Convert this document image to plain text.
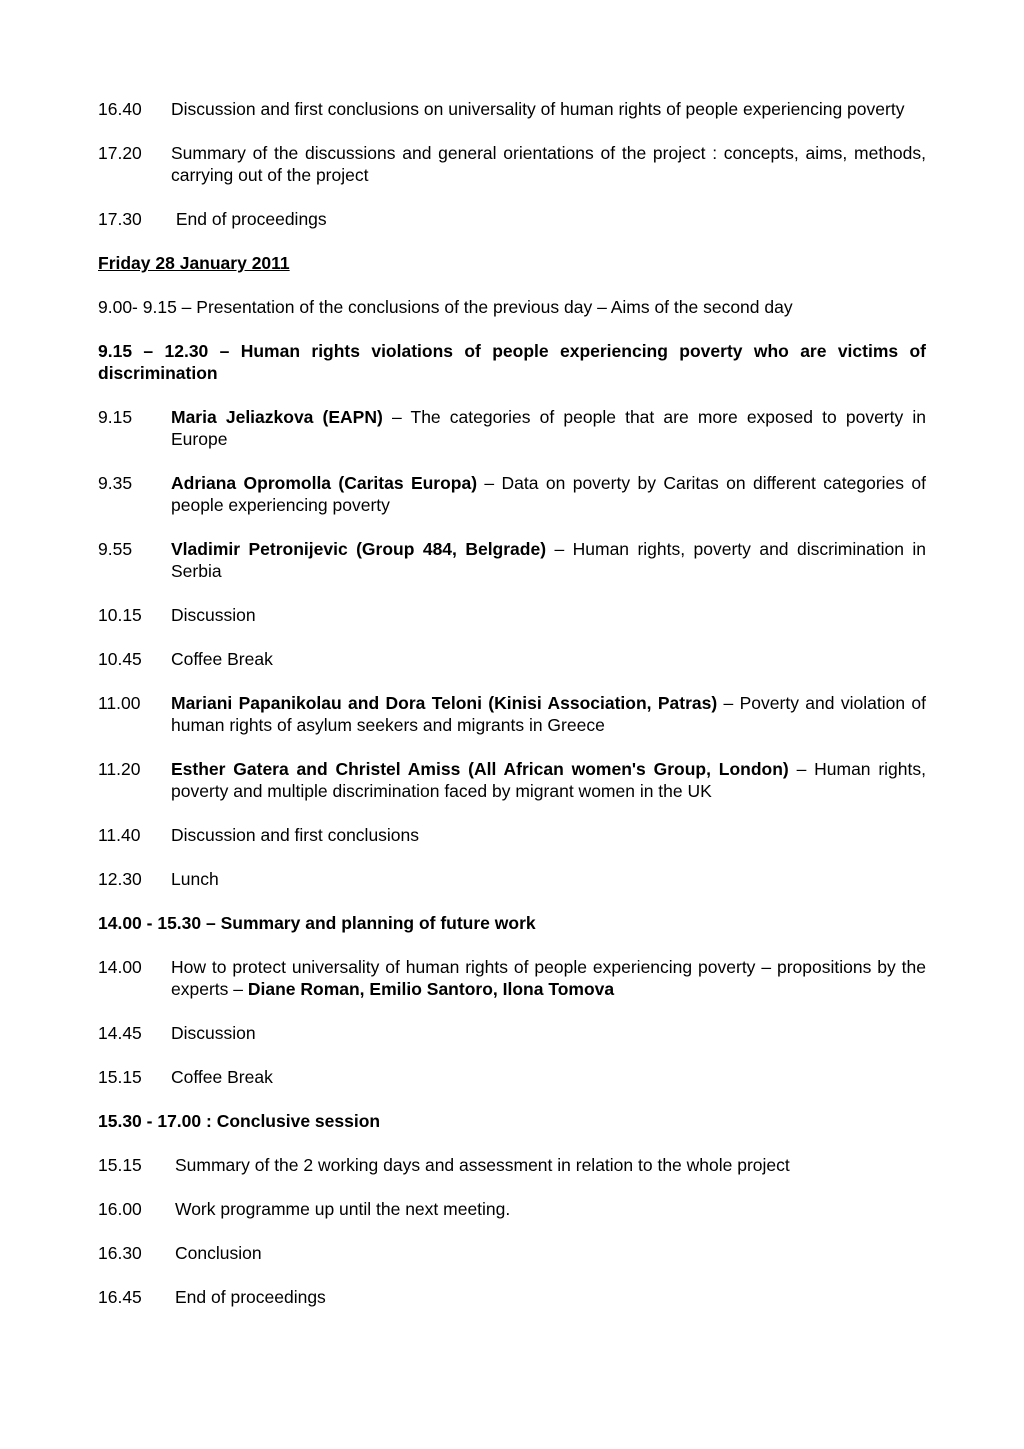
16.40	Discussion and first conclusions on universality of human rights of people experiencing poverty
17.20	Summary of the discussions and general orientations of the project : concepts, aims, methods, carrying out of the project
17.30	End of proceedings
Friday 28 January 2011
9.00- 9.15 – Presentation of the conclusions of the previous day – Aims of the second day
9.15 – 12.30 – Human rights violations of people experiencing poverty who are victims of discrimination
9.15	Maria Jeliazkova (EAPN) – The categories of people that are more exposed to poverty in Europe
9.35	Adriana Opromolla (Caritas Europa) – Data on poverty by Caritas on different categories of people experiencing poverty
9.55	Vladimir Petronijevic (Group 484, Belgrade) – Human rights, poverty and discrimination in Serbia
10.15	Discussion
10.45	Coffee Break
11.00	Mariani Papanikolau and Dora Teloni (Kinisi Association, Patras) – Poverty and violation of human rights of asylum seekers and migrants in Greece
11.20	Esther Gatera and Christel Amiss (All African women's Group, London) – Human rights, poverty and multiple discrimination faced by migrant women in the UK
11.40	Discussion and first conclusions
12.30	Lunch
14.00 - 15.30 – Summary and planning of future work
14.00	How to protect universality of human rights of people experiencing poverty – propositions by the experts – Diane Roman, Emilio Santoro, Ilona Tomova
14.45	Discussion
15.15	Coffee Break
15.30 - 17.00 : Conclusive session
15.15	Summary of the 2 working days and assessment in relation to the whole project
16.00	Work programme up until the next meeting.
16.30	Conclusion
16.45	End of proceedings
